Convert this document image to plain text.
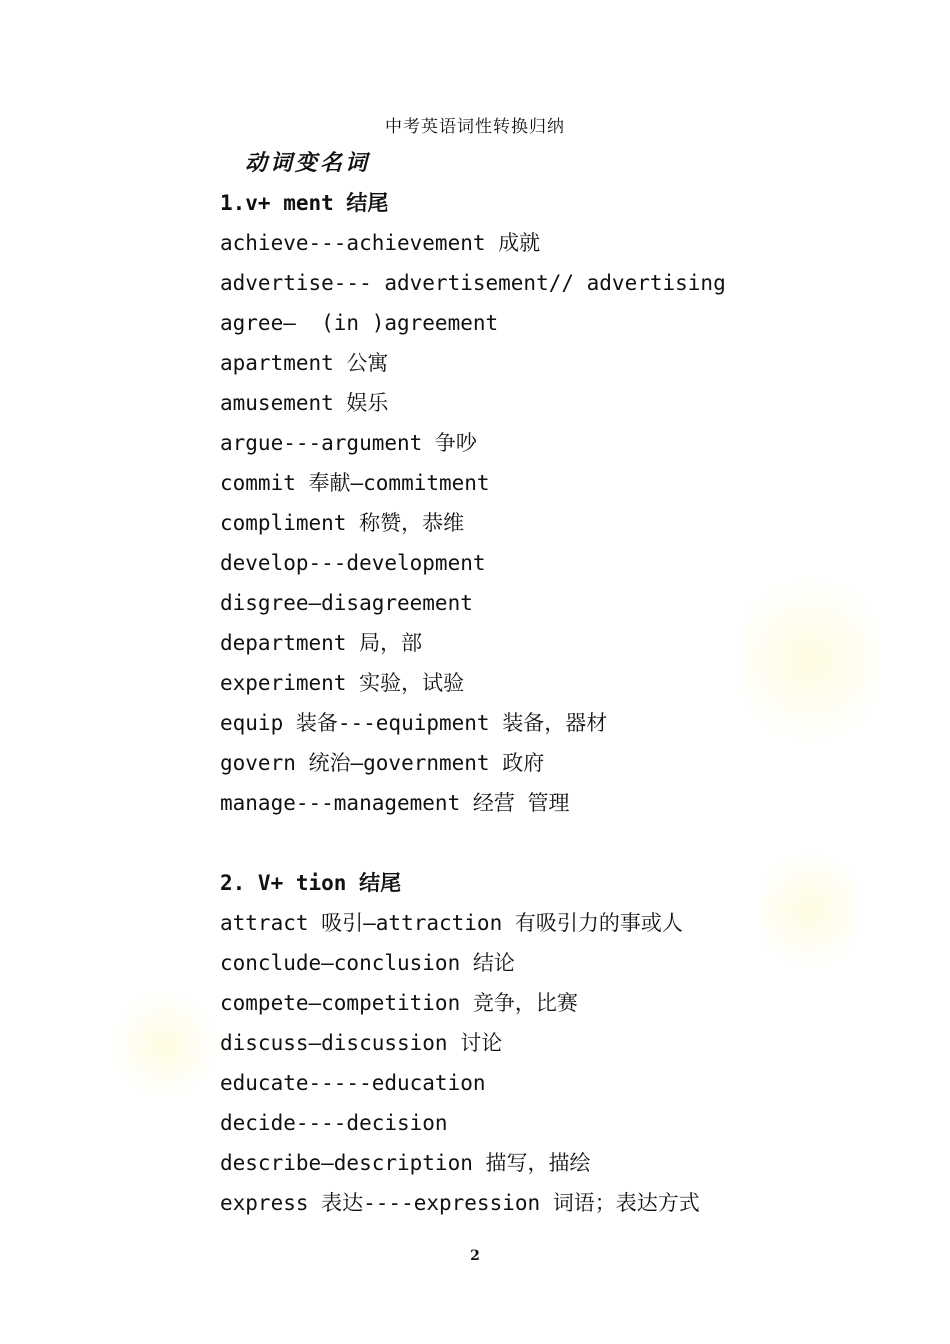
中考英语词性转换归纳
动词变名词
1.v+ ment 结尾
achieve---achievement 成就
advertise--- advertisement// advertising
agree—  (in )agreement
apartment 公寓
amusement 娱乐
argue---argument 争吵
commit 奉献—commitment
compliment 称赞，恭维
develop---development
disgree—disagreement
department 局，部
experiment 实验，试验
equip 装备---equipment 装备，器材
govern 统治—government 政府
manage---management 经营 管理
2. V+ tion 结尾
attract 吸引—attraction 有吸引力的事或人
conclude—conclusion 结论
compete—competition 竞争，比赛
discuss—discussion 讨论
educate-----education
decide----decision
describe—description 描写，描绘
express 表达----expression 词语；表达方式
2
